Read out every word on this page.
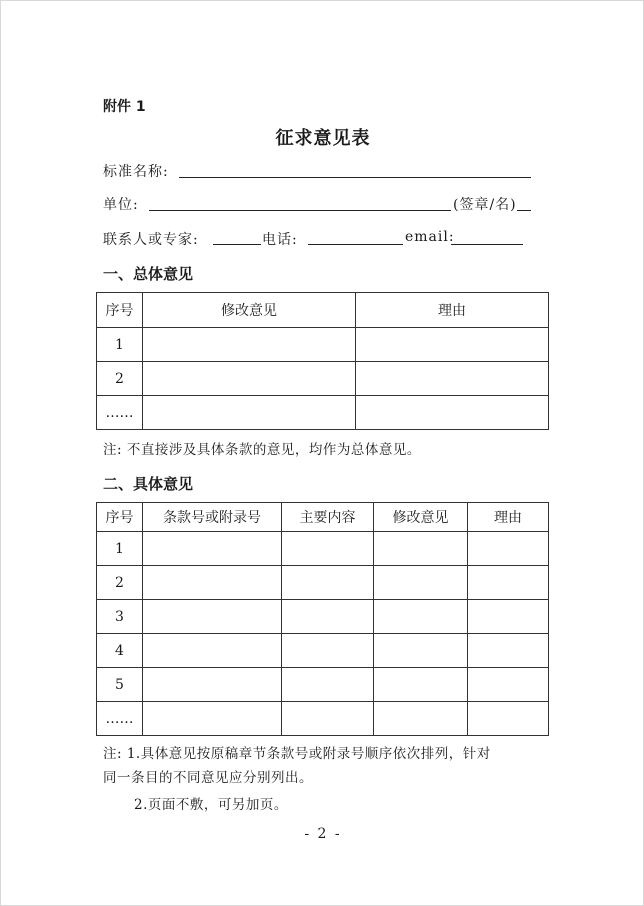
附件 1
征求意见表
标准名称:
单位:	(签章/名)
联系人或专家:	电话:	email:
一、总体意见
序号	修改意见	理由
1		
2		
……		
注: 不直接涉及具体条款的意见，均作为总体意见。
二、具体意见
序号	条款号或附录号	主要内容	修改意见	理由
1				
2				
3				
4				
5				
……				
注: 1.具体意见按原稿章节条款号或附录号顺序依次排列，针对
同一条目的不同意见应分别列出。
2.页面不敷，可另加页。
- 2 -
